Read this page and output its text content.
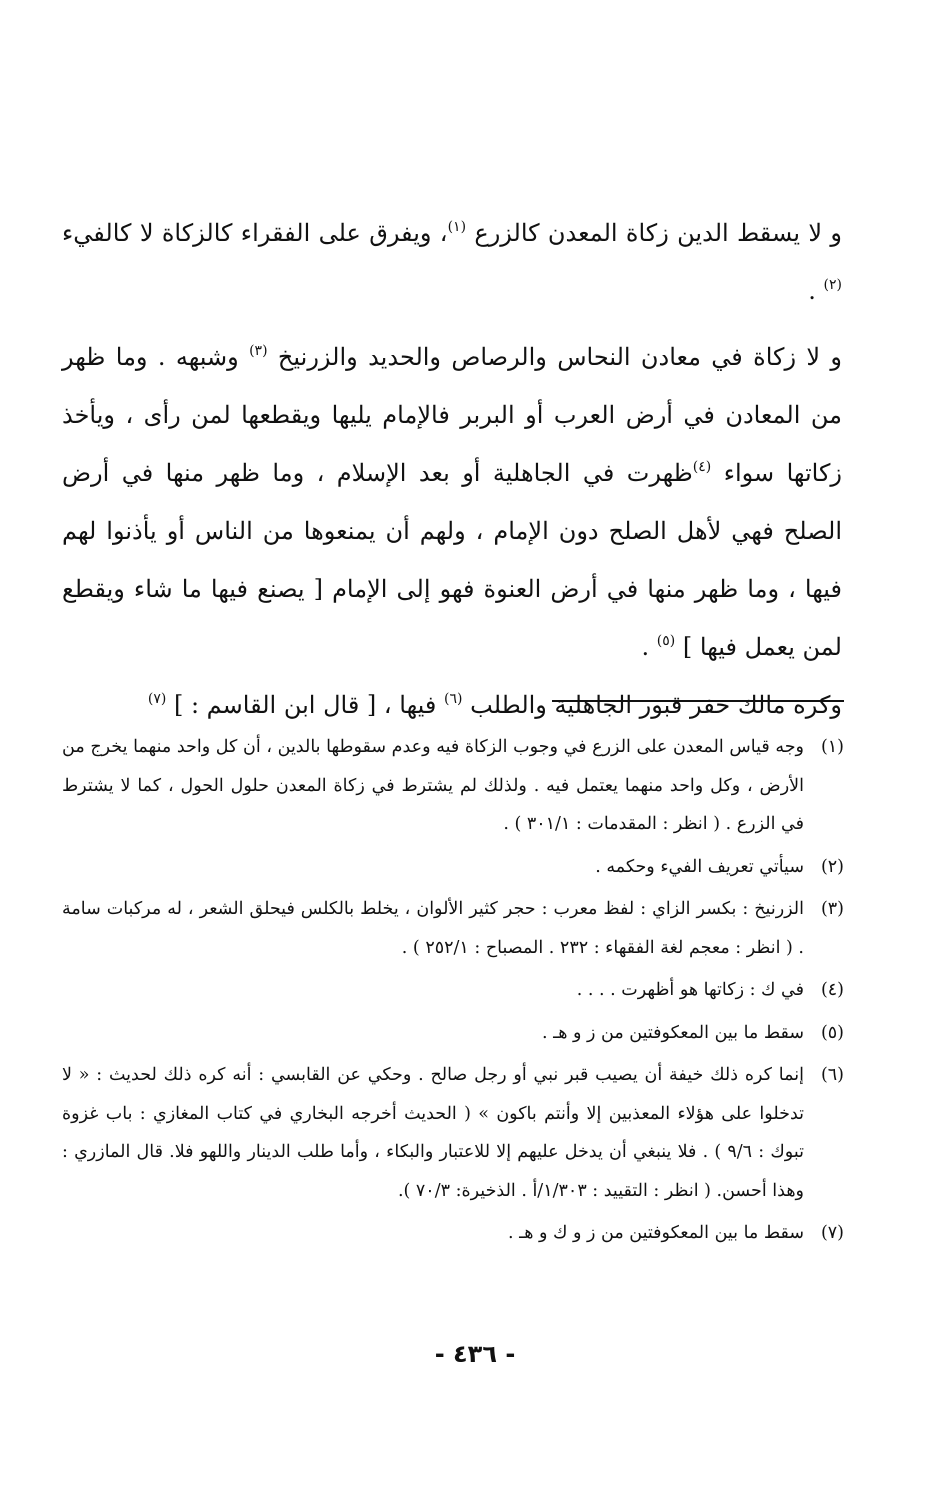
و لا يسقط الدين زكاة المعدن كالزرع $^{(١)}$، ويفرق على الفقراء كالزكاة لا كالفيء $^{(٢)}$ .

و لا زكاة في معادن النحاس والرصاص والحديد والزرنيخ $^{(٣)}$ وشبهه . وما ظهر من المعادن في أرض العرب أو البربر فالإمام يليها ويقطعها لمن رأى ، ويأخذ زكاتها سواء $^{(٤)}$ظهرت في الجاهلية أو بعد الإسلام ، وما ظهر منها في أرض الصلح فهي لأهل الصلح دون الإمام ، ولهم أن يمنعوها من الناس أو يأذنوا لهم فيها ، وما ظهر منها في أرض العنوة فهو إلى الإمام [ يصنع فيها ما شاء ويقطع لمن يعمل فيها ] $^{(٥)}$ .

وكره مالك حفر قبور الجاهلية والطلب $^{(٦)}$ فيها ، [ قال ابن القاسم : ] $^{(٧)}$

(١)
وجه قياس المعدن على الزرع في وجوب الزكاة فيه وعدم سقوطها بالدين ، أن كل واحد منهما يخرج من الأرض ، وكل واحد منهما يعتمل فيه . ولذلك لم يشترط في زكاة المعدن حلول الحول ، كما لا يشترط في الزرع . ( انظر : المقدمات : ٣٠١/١ ) .
(٢)
سيأتي تعريف الفيء وحكمه .
(٣)
الزرنيخ : بكسر الزاي : لفظ معرب : حجر كثير الألوان ، يخلط بالكلس فيحلق الشعر ، له مركبات سامة . ( انظر : معجم لغة الفقهاء : ٢٣٢ . المصباح : ٢٥٢/١ ) .
(٤)
في ك : زكاتها هو أظهرت . . . .
(٥)
سقط ما بين المعكوفتين من ز و هـ .
(٦)
إنما كره ذلك خيفة أن يصيب قبر نبي أو رجل صالح . وحكي عن القابسي : أنه كره ذلك لحديث : « لا تدخلوا على هؤلاء المعذبين إلا وأنتم باكون » ( الحديث أخرجه البخاري في كتاب المغازي : باب غزوة تبوك : ٩/٦ ) . فلا ينبغي أن يدخل عليهم إلا للاعتبار والبكاء ، وأما طلب الدينار واللهو فلا. قال المازري : وهذا أحسن. ( انظر : التقييد : ١/٣٠٣/أ . الذخيرة: ٧٠/٣ ).
(٧)
سقط ما بين المعكوفتين من ز و ك و هـ .
- ٤٣٦ -
